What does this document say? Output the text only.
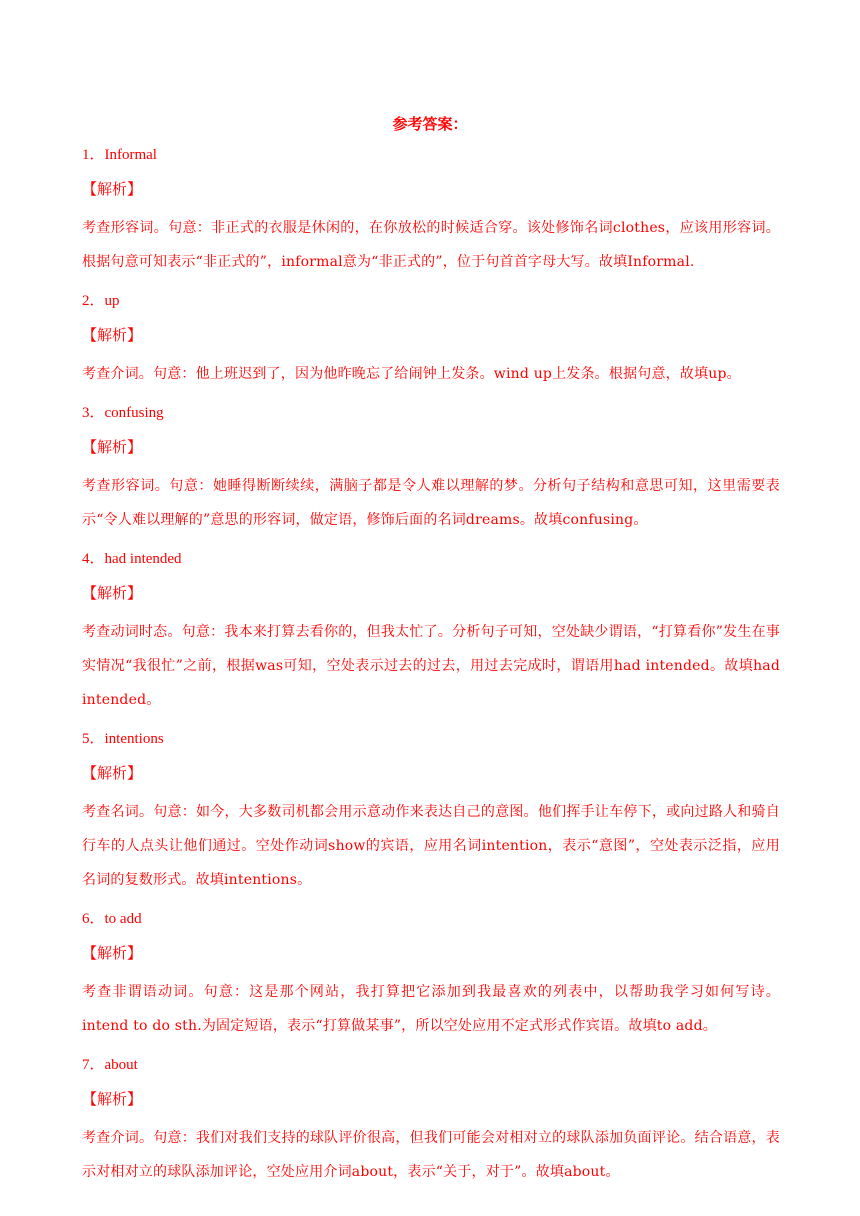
参考答案：
1．Informal
【解析】
考查形容词。句意：非正式的衣服是休闲的，在你放松的时候适合穿。该处修饰名词clothes，应该用形容词。根据句意可知表示“非正式的”，informal意为“非正式的”，位于句首首字母大写。故填Informal.
2．up
【解析】
考查介词。句意：他上班迟到了，因为他昨晚忘了给闹钟上发条。wind up上发条。根据句意，故填up。
3．confusing
【解析】
考查形容词。句意：她睡得断断续续，满脑子都是令人难以理解的梦。分析句子结构和意思可知，这里需要表示“令人难以理解的”意思的形容词，做定语，修饰后面的名词dreams。故填confusing。
4．had intended
【解析】
考查动词时态。句意：我本来打算去看你的，但我太忙了。分析句子可知，空处缺少谓语，“打算看你”发生在事实情况“我很忙”之前，根据was可知，空处表示过去的过去，用过去完成时，谓语用had intended。故填had intended。
5．intentions
【解析】
考查名词。句意：如今，大多数司机都会用示意动作来表达自己的意图。他们挥手让车停下，或向过路人和骑自行车的人点头让他们通过。空处作动词show的宾语，应用名词intention，表示“意图”，空处表示泛指，应用名词的复数形式。故填intentions。
6．to add
【解析】
考查非谓语动词。句意：这是那个网站，我打算把它添加到我最喜欢的列表中，以帮助我学习如何写诗。intend to do sth.为固定短语，表示“打算做某事”，所以空处应用不定式形式作宾语。故填to add。
7．about
【解析】
考查介词。句意：我们对我们支持的球队评价很高，但我们可能会对相对立的球队添加负面评论。结合语意，表示对相对立的球队添加评论，空处应用介词about，表示“关于，对于”。故填about。
